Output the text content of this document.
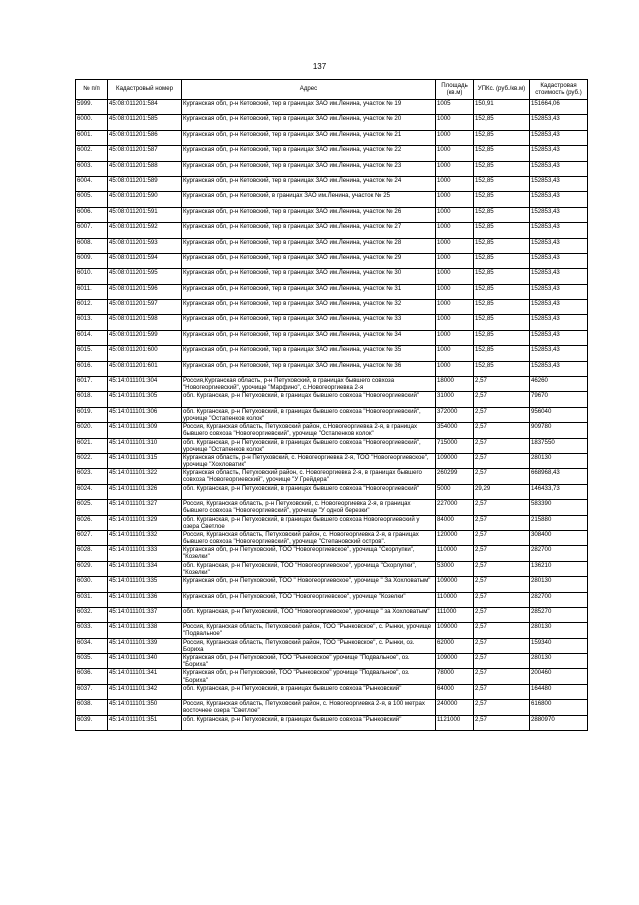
137
№ п/п	Кадастровый номер	Адрес	Площадь (кв.м)	УПКс. (руб./кв.м)	Кадастровая стоимость (руб.)
5999.	45:08:011201:584	Курганская обл, р-н Кетовский, тер в границах ЗАО им.Ленина, участок № 19	1005	150,91	151664,06
6000.	45:08:011201:585	Курганская обл, р-н Кетовский, тер в границах ЗАО им.Ленина, участок № 20	1000	152,85	152853,43
6001.	45:08:011201:586	Курганская обл, р-н Кетовский, тер в границах ЗАО им.Ленина, участок № 21	1000	152,85	152853,43
6002.	45:08:011201:587	Курганская обл, р-н Кетовский, тер в границах ЗАО им.Ленина, участок № 22	1000	152,85	152853,43
6003.	45:08:011201:588	Курганская обл, р-н Кетовский, тер в границах ЗАО им.Ленина, участок № 23	1000	152,85	152853,43
6004.	45:08:011201:589	Курганская обл, р-н Кетовский, тер в границах ЗАО им.Ленина, участок № 24	1000	152,85	152853,43
6005.	45:08:011201:590	Курганская обл, р-н Кетовский, в границах ЗАО им.Ленина, участок № 25	1000	152,85	152853,43
6006.	45:08:011201:591	Курганская обл, р-н Кетовский, тер в границах ЗАО им.Ленина, участок № 26	1000	152,85	152853,43
6007.	45:08:011201:592	Курганская обл, р-н Кетовский, тер в границах ЗАО им.Ленина, участок № 27	1000	152,85	152853,43
6008.	45:08:011201:593	Курганская обл, р-н Кетовский, тер в границах ЗАО им.Ленина, участок № 28	1000	152,85	152853,43
6009.	45:08:011201:594	Курганская обл, р-н Кетовский, тер в границах ЗАО им.Ленина, участок № 29	1000	152,85	152853,43
6010.	45:08:011201:595	Курганская обл, р-н Кетовский, тер в границах ЗАО им.Ленина, участок № 30	1000	152,85	152853,43
6011.	45:08:011201:596	Курганская обл, р-н Кетовский, тер в границах ЗАО им.Ленина, участок № 31	1000	152,85	152853,43
6012.	45:08:011201:597	Курганская обл, р-н Кетовский, тер в границах ЗАО им.Ленина, участок № 32	1000	152,85	152853,43
6013.	45:08:011201:598	Курганская обл, р-н Кетовский, тер в границах ЗАО им.Ленина, участок № 33	1000	152,85	152853,43
6014.	45:08:011201:599	Курганская обл, р-н Кетовский, тер в границах ЗАО им.Ленина, участок № 34	1000	152,85	152853,43
6015.	45:08:011201:600	Курганская обл, р-н Кетовский, тер в границах ЗАО им.Ленина, участок № 35	1000	152,85	152853,43
6016.	45:08:011201:601	Курганская обл, р-н Кетовский, тер в границах ЗАО им.Ленина, участок № 36	1000	152,85	152853,43
6017.	45:14:011101:304	Россия,Курганская область, р-н Петуховский, в границах бывшего совхоза "Новогеоргиевский", урочище "Марфино", с.Новогеоргиевка 2-я	18000	2,57	46260
6018.	45:14:011101:305	обл. Курганская, р-н Петуховский, в границах бывшего совхоза "Новогеоргиевский"	31000	2,57	79670
6019.	45:14:011101:306	обл. Курганская, р-н Петуховский, в границах бывшего совхоза "Новогеоргиевский", урочище "Остапенков колок"	372000	2,57	956040
6020.	45:14:011101:309	Россия, Курганская область, Петуховский район, с.Новогеоргиевка 2-я, в границах бывшего совхоза "Новогеоргиевский", урочище "Остапенков колок"	354000	2,57	909780
6021.	45:14:011101:310	обл. Курганская, р-н Петуховский, в границах бывшего совхоза "Новогеоргиевский", урочище "Остапенков колок"	715000	2,57	1837550
6022.	45:14:011101:315	Курганская область, р-н Петуховский, с. Новогеоргиевка 2-я, ТОО "Новогеоргиевское", урочище "Хохловатик"	109000	2,57	280130
6023.	45:14:011101:322	Курганская область, Петуховский район, с. Новогеоргиевка 2-я, в границах бывшего совхоза "Новогеоргиевский", урочище "У Грейдера"	260299	2,57	668968,43
6024.	45:14:011101:326	обл. Курганская, р-н Петуховский, в границах бывшего совхоза "Новогеоргиевский"	5000	29,29	146433,73
6025.	45:14:011101:327	Россия, Курганская область, р-н Петуховский, с. Новогеоргиевка 2-я, в границах бывшего совхоза "Новогеоргиевский", урочище "У одной березки"	227000	2,57	583390
6026.	45:14:011101:329	обл. Курганская, р-н Петуховский, в границах бывшего совхоза Новогеоргиевский у озера Светлое	84000	2,57	215880
6027.	45:14:011101:332	Россия, Курганская область, Петуховский район, с. Новогеоргиевка 2-я, в границах бывшего совхоза "Новогеоргиевский", урочище "Степановский остров".	120000	2,57	308400
6028.	45:14:011101:333	Курганская обл, р-н Петуховский, ТОО "Новогеоргиевское", урочища "Скорлупки", "Козелки"	110000	2,57	282700
6029.	45:14:011101:334	обл. Курганская, р-н Петуховский, ТОО "Новогеоргиевское", урочища "Скорлупки", "Козелки"	53000	2,57	136210
6030.	45:14:011101:335	Курганская обл, р-н Петуховский, ТОО " Новогеоргиевское", урочище " За Хохловатым"	109000	2,57	280130
6031.	45:14:011101:336	Курганская обл, р-н Петуховский, ТОО "Новогеоргиевское", урочище "Козелки"	110000	2,57	282700
6032.	45:14:011101:337	обл. Курганская, р-н Петуховский, ТОО "Новогеоргиевское", урочище " за Хохловатым"	111000	2,57	285270
6033.	45:14:011101:338	Россия, Курганская область, Петуховский район, ТОО "Рынковское", с. Рынки, урочище "Подвальное"	109000	2,57	280130
6034.	45:14:011101:339	Россия, Курганская область, Петуховский район, ТОО "Рынковское", с. Рынки, оз. Бориха	62000	2,57	159340
6035.	45:14:011101:340	Курганская обл, р-н Петуховский, ТОО "Рынковское" урочище "Подвальное", оз. "Бориха"	109000	2,57	280130
6036.	45:14:011101:341	Курганская обл, р-н Петуховский, ТОО "Рынковское" урочище "Подвальное", оз. "Бориха"	78000	2,57	200460
6037.	45:14:011101:342	обл. Курганская, р-н Петуховский, в границах бывшего совхоза "Рынковский"	64000	2,57	164480
6038.	45:14:011101:350	Россия, Курганская область, Петуховский район, с. Новогеоргиевка 2-я, в 100 метрах восточнее озера "Светлое"	240000	2,57	616800
6039.	45:14:011101:351	обл. Курганская, р-н Петуховский, в границах бывшего совхоза "Рынковский"	1121000	2,57	2880970
